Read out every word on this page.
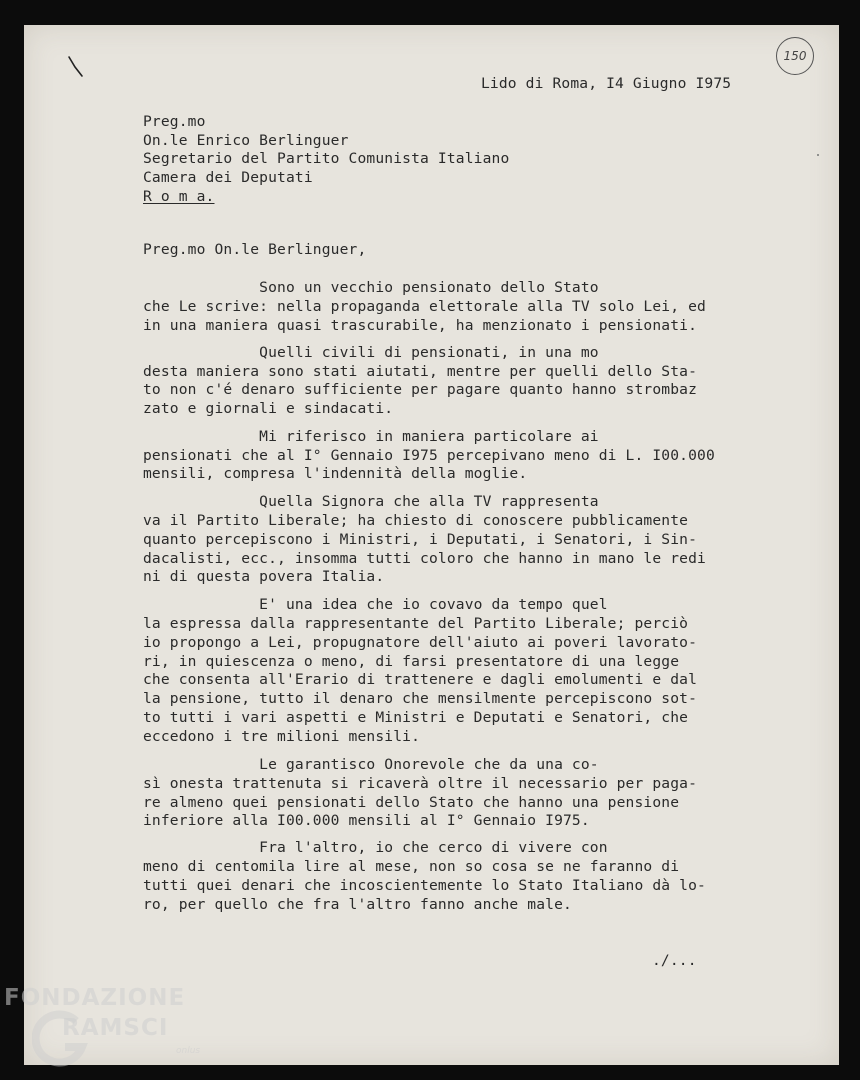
150

Lido di Roma, I4 Giugno I975

Preg.mo

On.le Enrico Berlinguer

Segretario del Partito Comunista Italiano

Camera dei Deputati

R o m a.

Preg.mo On.le Berlinguer,

Sono un vecchio pensionato dello Stato

che Le scrive: nella propaganda elettorale alla TV solo Lei, ed

in una maniera quasi trascurabile, ha menzionato i pensionati.

Quelli civili di pensionati, in una mo

desta maniera sono stati aiutati, mentre per quelli dello Sta-

to non c'é denaro sufficiente per pagare quanto hanno strombaz

zato e giornali e sindacati.

Mi riferisco in maniera particolare ai

pensionati che al I° Gennaio I975 percepivano meno di L. I00.000

mensili, compresa l'indennità della moglie.

Quella Signora che alla TV rappresenta

va il Partito Liberale; ha chiesto di conoscere pubblicamente

quanto percepiscono i Ministri, i Deputati, i Senatori, i Sin-

dacalisti, ecc., insomma tutti coloro che hanno in mano le redi

ni di questa povera Italia.

E' una idea che io covavo da tempo quel

la espressa dalla rappresentante del Partito Liberale; perciò

io propongo a Lei, propugnatore dell'aiuto ai poveri lavorato-

ri, in quiescenza o meno, di farsi presentatore di una legge

che consenta all'Erario di trattenere e dagli emolumenti e dal

la pensione, tutto il denaro che mensilmente percepiscono sot-

to tutti i vari aspetti e Ministri e Deputati e Senatori, che

eccedono i tre milioni mensili.

Le garantisco Onorevole che da una co-

sì onesta trattenuta si ricaverà oltre il necessario per paga-

re almeno quei pensionati dello Stato che hanno una pensione

inferiore alla I00.000 mensili al I° Gennaio I975.

Fra l'altro, io che cerco di vivere con

meno di centomila lire al mese, non so cosa se ne faranno di

tutti quei denari che incoscientemente lo Stato Italiano dà lo-

ro, per quello che fra l'altro fanno anche male.

./...

FONDAZIONE
RAMSCI
onlus
